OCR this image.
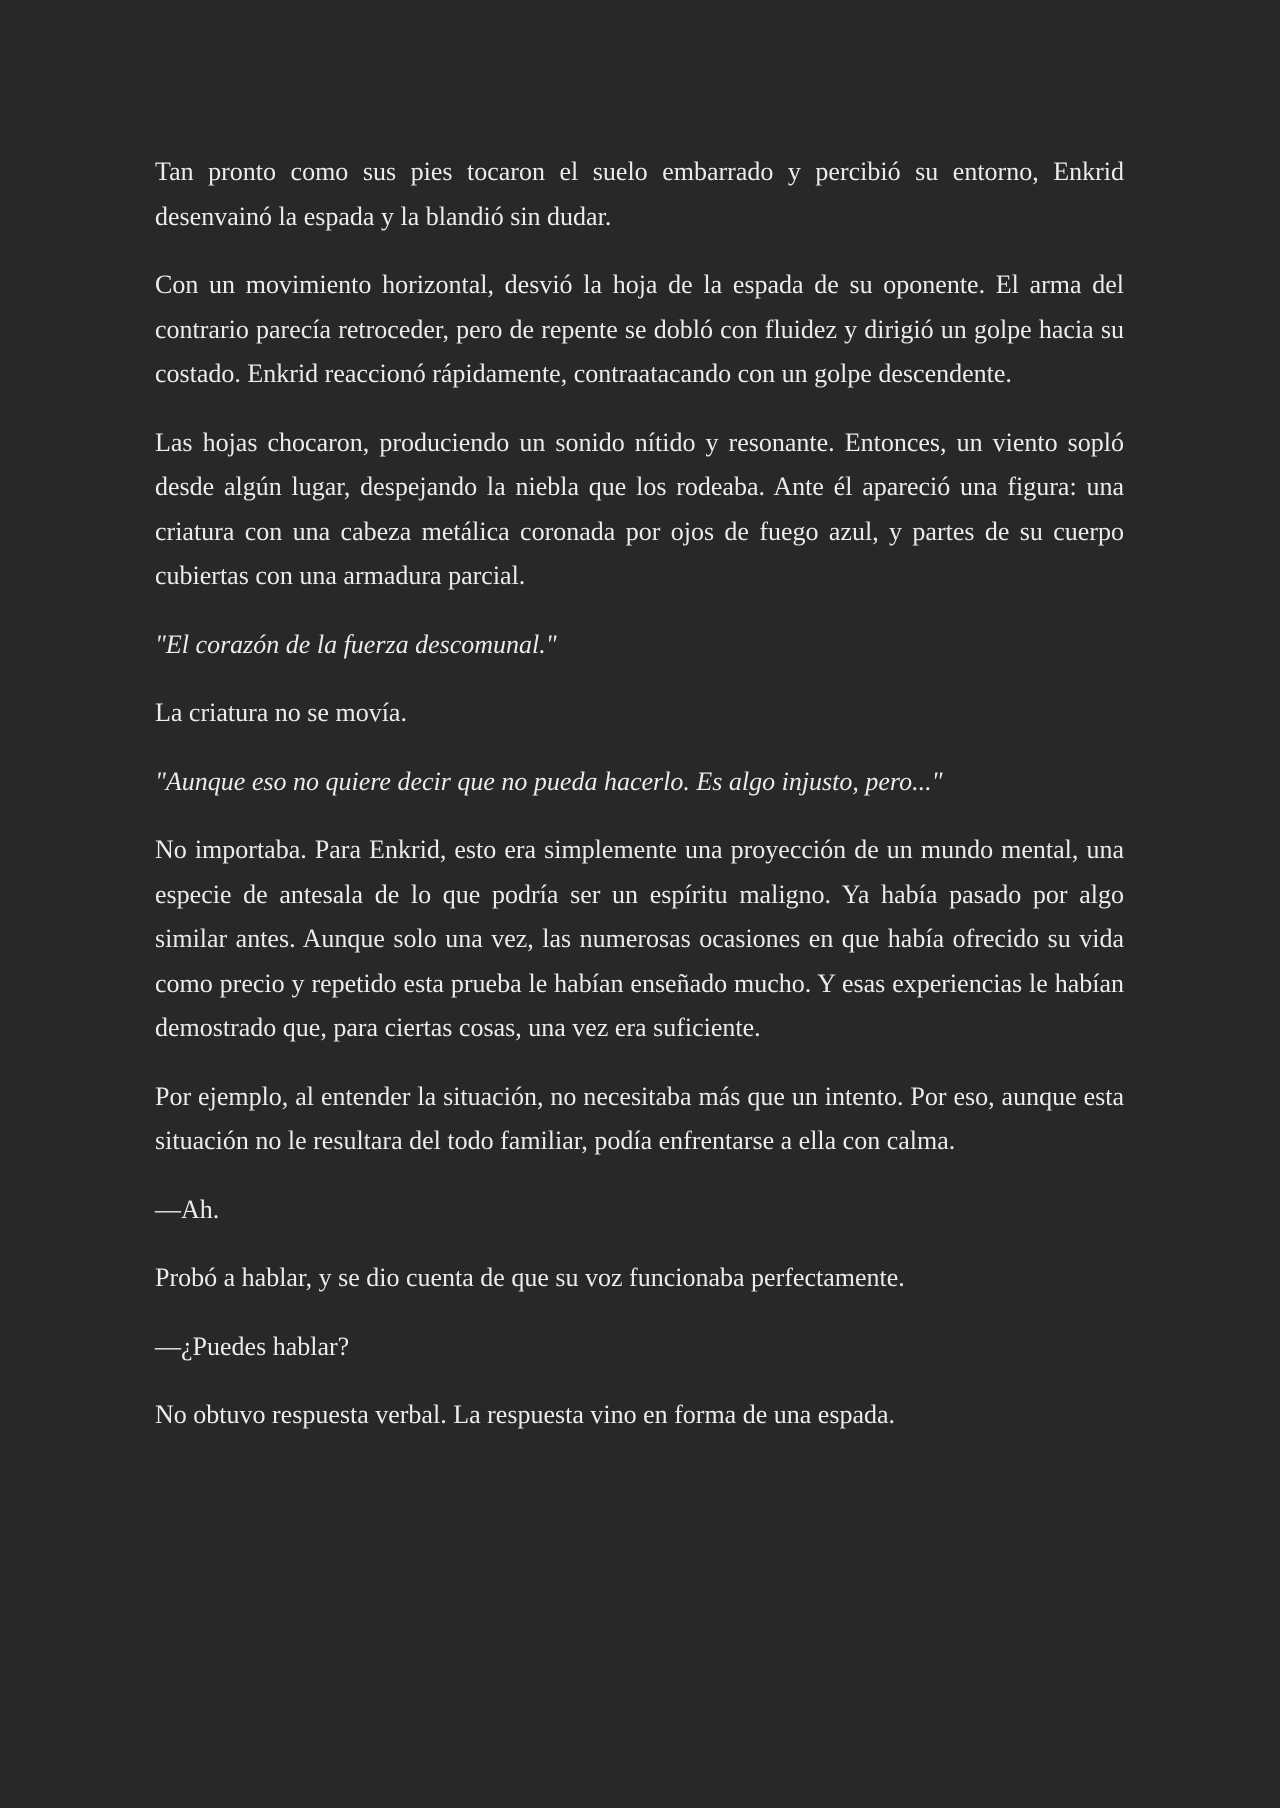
Tan pronto como sus pies tocaron el suelo embarrado y percibió su entorno, Enkrid desenvainó la espada y la blandió sin dudar.

Con un movimiento horizontal, desvió la hoja de la espada de su oponente. El arma del contrario parecía retroceder, pero de repente se dobló con fluidez y dirigió un golpe hacia su costado. Enkrid reaccionó rápidamente, contraatacando con un golpe descendente.

Las hojas chocaron, produciendo un sonido nítido y resonante. Entonces, un viento sopló desde algún lugar, despejando la niebla que los rodeaba. Ante él apareció una figura: una criatura con una cabeza metálica coronada por ojos de fuego azul, y partes de su cuerpo cubiertas con una armadura parcial.

"El corazón de la fuerza descomunal."

La criatura no se movía.

"Aunque eso no quiere decir que no pueda hacerlo. Es algo injusto, pero..."

No importaba. Para Enkrid, esto era simplemente una proyección de un mundo mental, una especie de antesala de lo que podría ser un espíritu maligno. Ya había pasado por algo similar antes. Aunque solo una vez, las numerosas ocasiones en que había ofrecido su vida como precio y repetido esta prueba le habían enseñado mucho. Y esas experiencias le habían demostrado que, para ciertas cosas, una vez era suficiente.

Por ejemplo, al entender la situación, no necesitaba más que un intento. Por eso, aunque esta situación no le resultara del todo familiar, podía enfrentarse a ella con calma.

—Ah.

Probó a hablar, y se dio cuenta de que su voz funcionaba perfectamente.

—¿Puedes hablar?

No obtuvo respuesta verbal. La respuesta vino en forma de una espada.
